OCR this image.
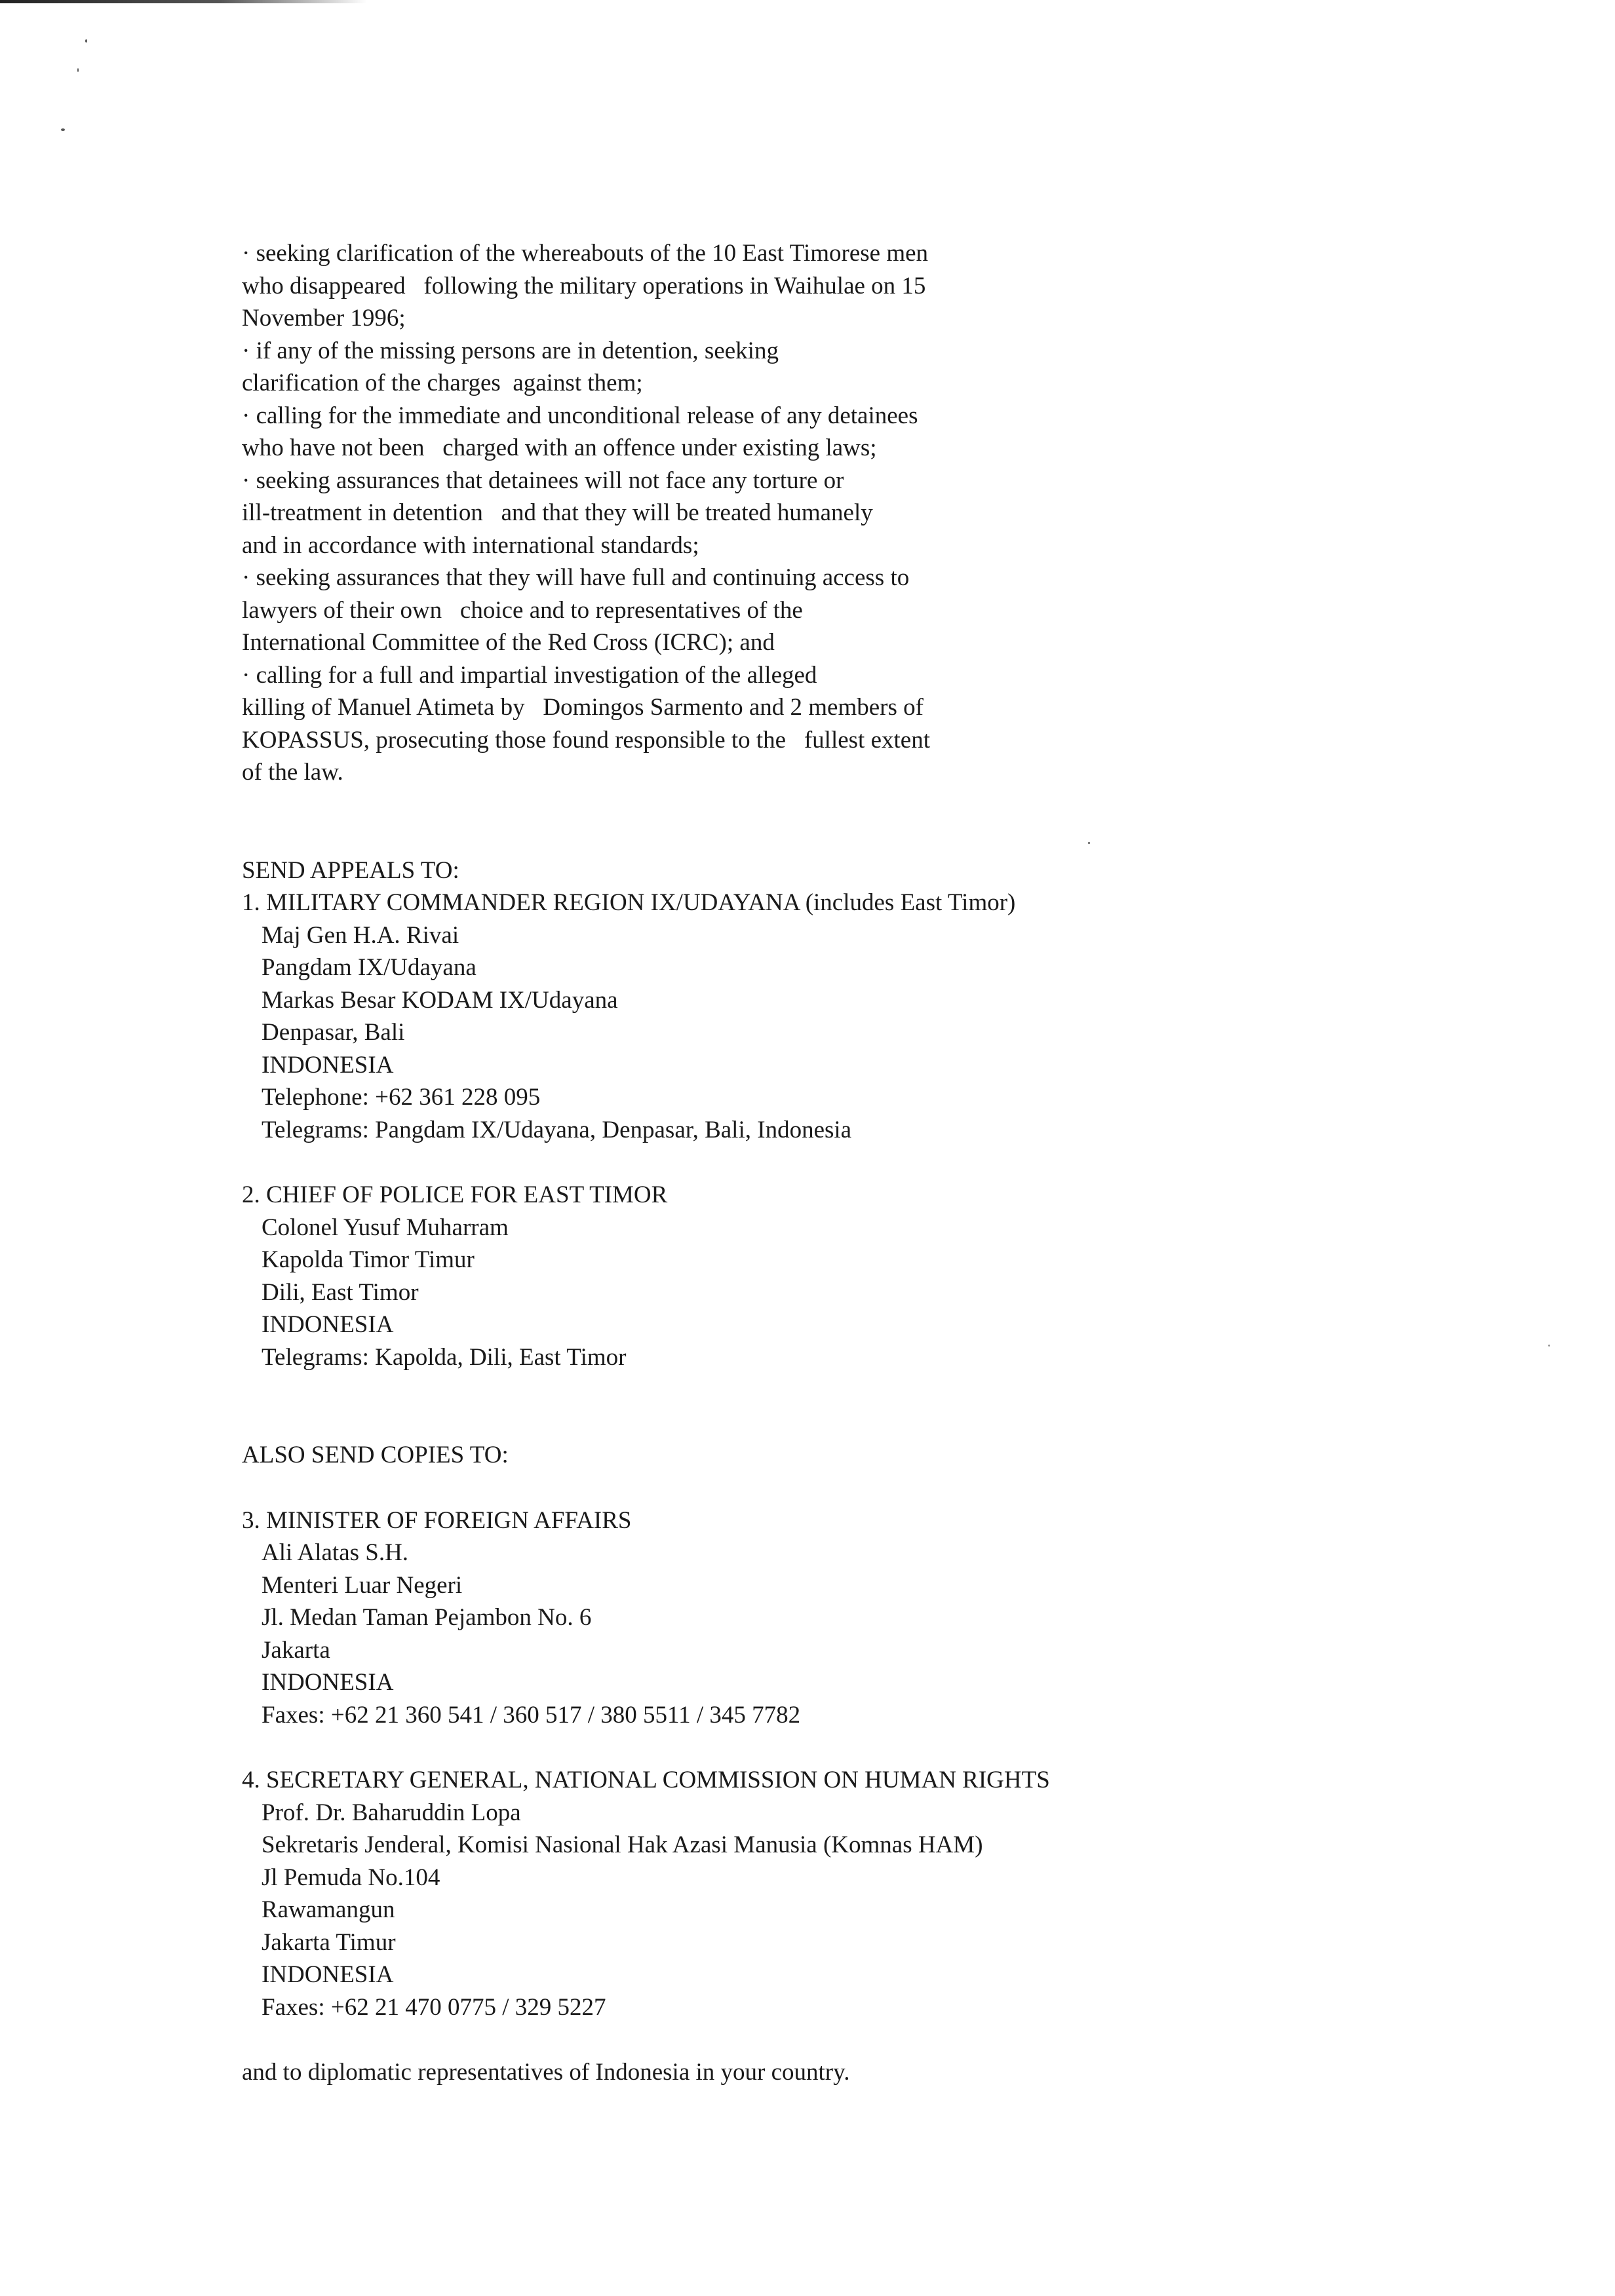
· seeking clarification of the whereabouts of the 10 East Timorese men
who disappeared   following the military operations in Waihulae on 15
November 1996;
· if any of the missing persons are in detention, seeking
clarification of the charges  against them;
· calling for the immediate and unconditional release of any detainees
who have not been   charged with an offence under existing laws;
· seeking assurances that detainees will not face any torture or
ill-treatment in detention   and that they will be treated humanely
and in accordance with international standards;
· seeking assurances that they will have full and continuing access to
lawyers of their own   choice and to representatives of the
International Committee of the Red Cross (ICRC); and
· calling for a full and impartial investigation of the alleged
killing of Manuel Atimeta by   Domingos Sarmento and 2 members of
KOPASSUS, prosecuting those found responsible to the   fullest extent
of the law.
SEND APPEALS TO:
1. MILITARY COMMANDER REGION IX/UDAYANA (includes East Timor)
Maj Gen H.A. Rivai
Pangdam IX/Udayana
Markas Besar KODAM IX/Udayana
Denpasar, Bali
INDONESIA
Telephone: +62 361 228 095
Telegrams: Pangdam IX/Udayana, Denpasar, Bali, Indonesia
2. CHIEF OF POLICE FOR EAST TIMOR
Colonel Yusuf Muharram
Kapolda Timor Timur
Dili, East Timor
INDONESIA
Telegrams: Kapolda, Dili, East Timor
ALSO SEND COPIES TO:
3. MINISTER OF FOREIGN AFFAIRS
Ali Alatas S.H.
Menteri Luar Negeri
Jl. Medan Taman Pejambon No. 6
Jakarta
INDONESIA
Faxes: +62 21 360 541 / 360 517 / 380 5511 / 345 7782
4. SECRETARY GENERAL, NATIONAL COMMISSION ON HUMAN RIGHTS
Prof. Dr. Baharuddin Lopa
Sekretaris Jenderal, Komisi Nasional Hak Azasi Manusia (Komnas HAM)
Jl Pemuda No.104
Rawamangun
Jakarta Timur
INDONESIA
Faxes: +62 21 470 0775 / 329 5227
and to diplomatic representatives of Indonesia in your country.
